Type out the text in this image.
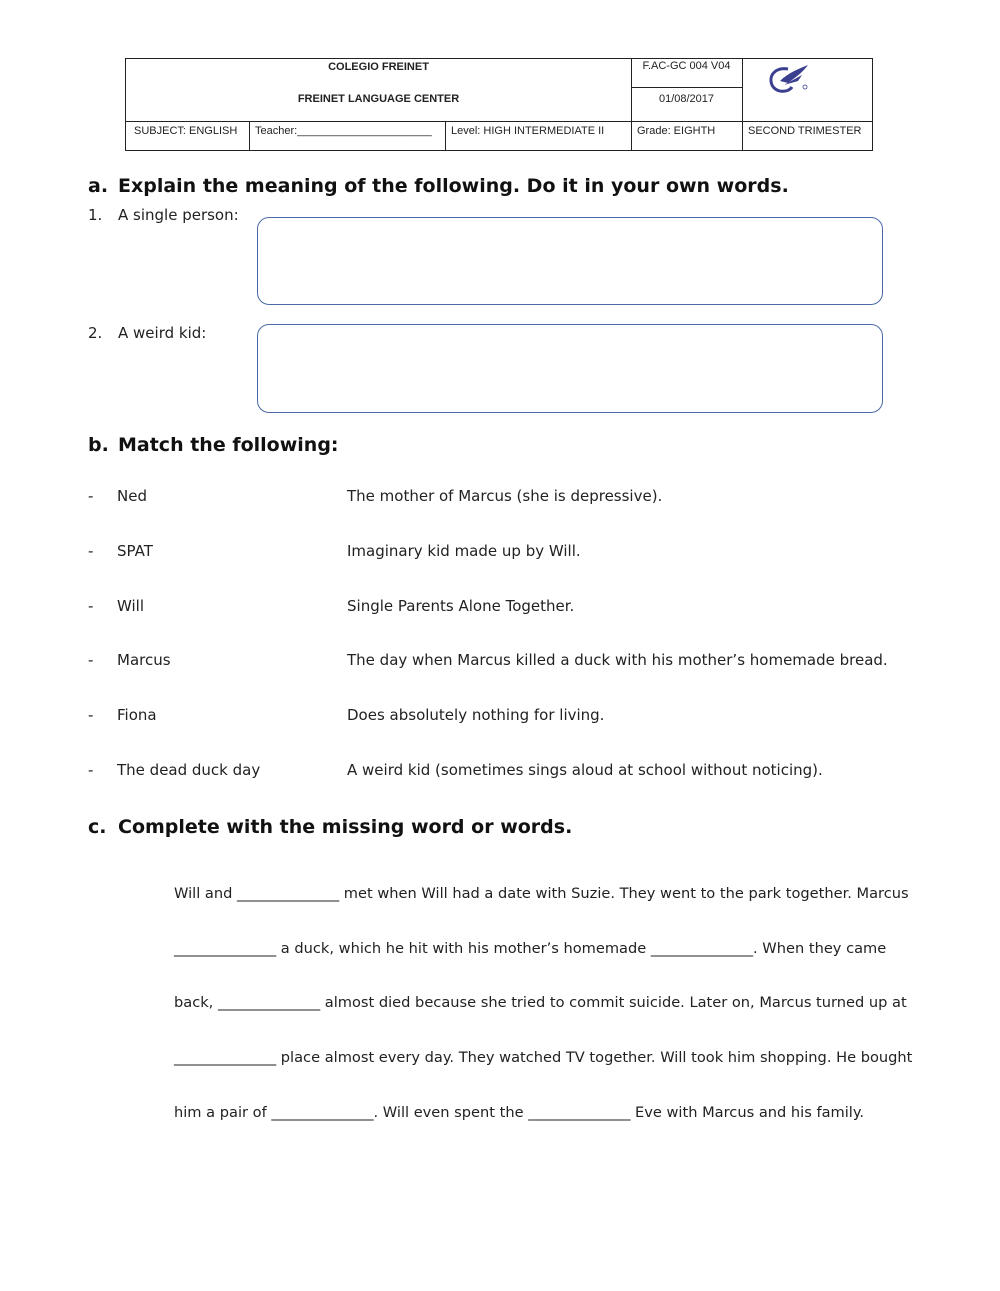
COLEGIO FREINET
FREINET LANGUAGE CENTER
F.AC-GC 004 V04
01/08/2017
SUBJECT: ENGLISH Teacher:______________________ Level: HIGH INTERMEDIATE II	Grade: EIGHTH	SECOND TRIMESTER
a. Explain the meaning of the following. Do it in your own words.
1. A single person:
2. A weird kid:
b. Match the following:
- Ned	The mother of Marcus (she is depressive).
- SPAT	Imaginary kid made up by Will.
- Will	Single Parents Alone Together.
- Marcus	The day when Marcus killed a duck with his mother’s homemade bread.
- Fiona	Does absolutely nothing for living.
- The dead duck day	A weird kid (sometimes sings aloud at school without noticing).
c. Complete with the missing word or words.
Will and ______________ met when Will had a date with Suzie. They went to the park together. Marcus
______________ a duck, which he hit with his mother’s homemade ______________. When they came
back, ______________ almost died because she tried to commit suicide. Later on, Marcus turned up at
______________ place almost every day. They watched TV together. Will took him shopping. He bought
him a pair of ______________. Will even spent the ______________ Eve with Marcus and his family.
